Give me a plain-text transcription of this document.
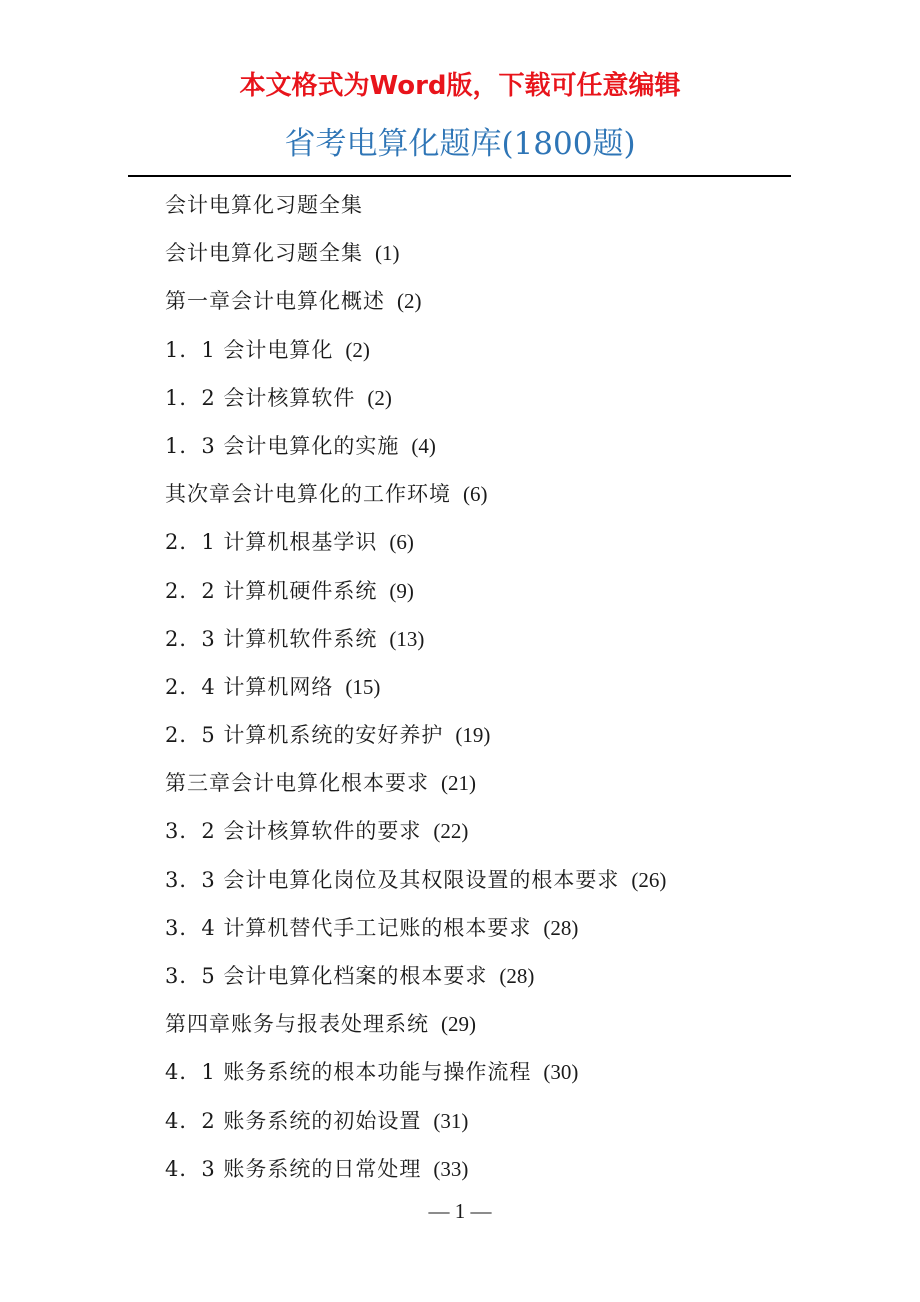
本文格式为Word版，下载可任意编辑
省考电算化题库(1800题)
会计电算化习题全集
会计电算化习题全集 (1)
第一章会计电算化概述 (2)
1．1 会计电算化 (2)
1．2 会计核算软件 (2)
1．3 会计电算化的实施 (4)
其次章会计电算化的工作环境 (6)
2．1 计算机根基学识 (6)
2．2 计算机硬件系统 (9)
2．3 计算机软件系统 (13)
2．4 计算机网络 (15)
2．5 计算机系统的安好养护 (19)
第三章会计电算化根本要求 (21)
3．2 会计核算软件的要求 (22)
3．3 会计电算化岗位及其权限设置的根本要求 (26)
3．4 计算机替代手工记账的根本要求 (28)
3．5 会计电算化档案的根本要求 (28)
第四章账务与报表处理系统 (29)
4．1 账务系统的根本功能与操作流程 (30)
4．2 账务系统的初始设置 (31)
4．3 账务系统的日常处理 (33)
— 1 —
